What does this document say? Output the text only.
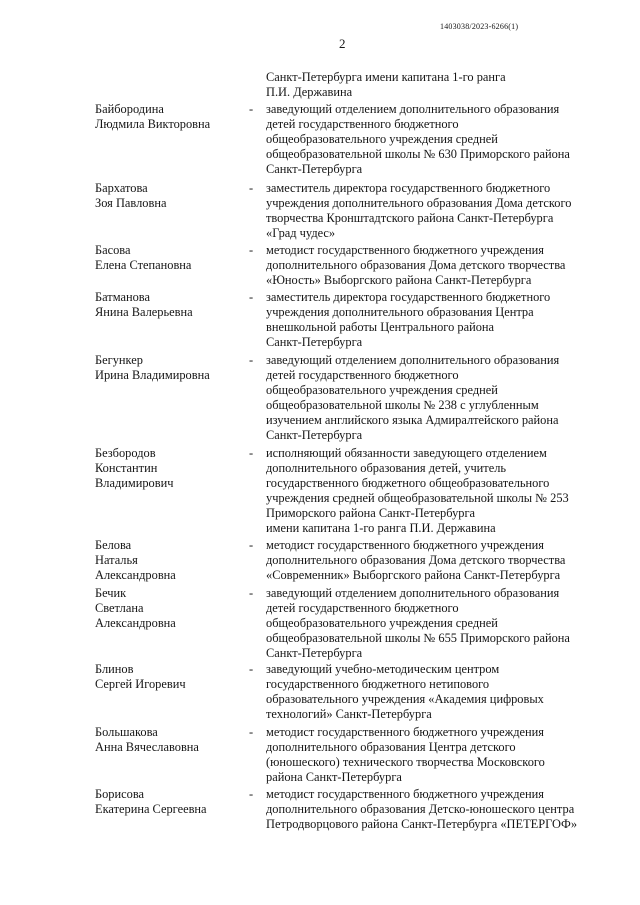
1403038/2023-6266(1)
2
Санкт-Петербурга имени капитана 1-го ранга
П.И. Державина
Байбородина
Людмила Викторовна
- заведующий отделением дополнительного образования
детей государственного бюджетного
общеобразовательного учреждения средней
общеобразовательной школы № 630 Приморского района
Санкт-Петербурга
Бархатова
Зоя Павловна
- заместитель директора государственного бюджетного
учреждения дополнительного образования Дома детского
творчества Кронштадтского района Санкт-Петербурга
«Град чудес»
Басова
Елена Степановна
- методист государственного бюджетного учреждения
дополнительного образования Дома детского творчества
«Юность» Выборгского района Санкт-Петербурга
Батманова
Янина Валерьевна
- заместитель директора государственного бюджетного
учреждения дополнительного образования Центра
внешкольной работы Центрального района
Санкт-Петербурга
Бегункер
Ирина Владимировна
- заведующий отделением дополнительного образования
детей государственного бюджетного
общеобразовательного учреждения средней
общеобразовательной школы № 238 с углубленным
изучением английского языка Адмиралтейского района
Санкт-Петербурга
Безбородов
Константин
Владимирович
- исполняющий обязанности заведующего отделением
дополнительного образования детей, учитель
государственного бюджетного общеобразовательного
учреждения средней общеобразовательной школы № 253
Приморского района Санкт-Петербурга
имени капитана 1-го ранга П.И. Державина
Белова
Наталья
Александровна
- методист государственного бюджетного учреждения
дополнительного образования Дома детского творчества
«Современник» Выборгского района Санкт-Петербурга
Бечик
Светлана
Александровна
- заведующий отделением дополнительного образования
детей государственного бюджетного
общеобразовательного учреждения средней
общеобразовательной школы № 655 Приморского района
Санкт-Петербурга
Блинов
Сергей Игоревич
- заведующий учебно-методическим центром
государственного бюджетного нетипового
образовательного учреждения «Академия цифровых
технологий» Санкт-Петербурга
Большакова
Анна Вячеславовна
- методист государственного бюджетного учреждения
дополнительного образования Центра детского
(юношеского) технического творчества Московского
района Санкт-Петербурга
Борисова
Екатерина Сергеевна
- методист государственного бюджетного учреждения
дополнительного образования Детско-юношеского центра
Петродворцового района Санкт-Петербурга «ПЕТЕРГОФ»
